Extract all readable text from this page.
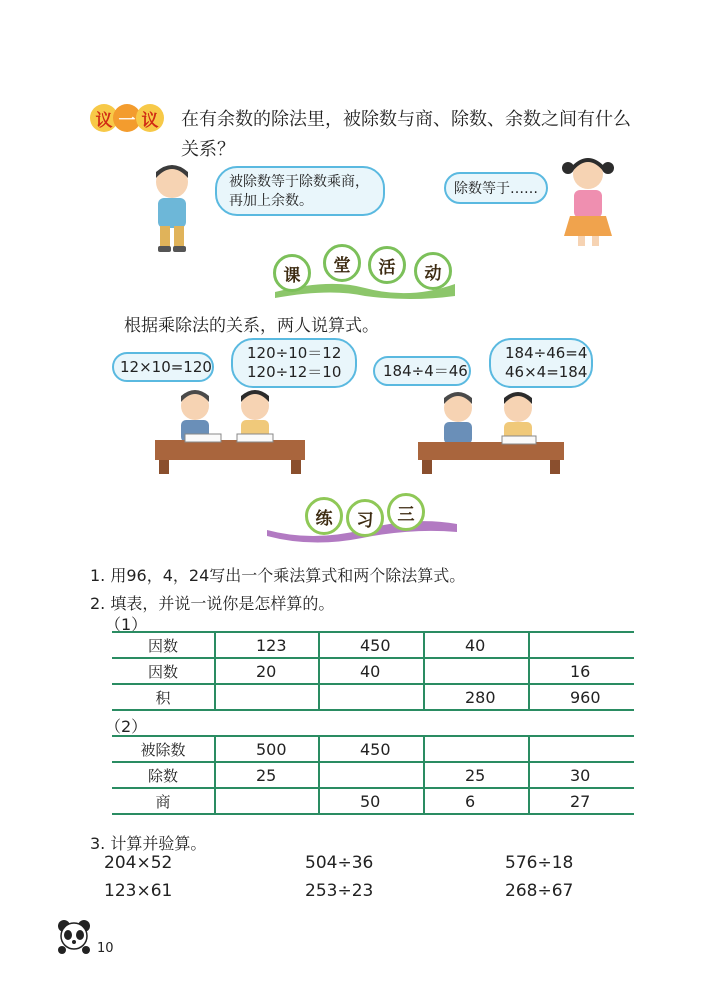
议 一 议	在有余数的除法里，被除数与商、除数、余数之间有什么
关系？
被除数等于除数乘商，
再加上余数。
除数等于……
课	堂	活	动
根据乘除法的关系，两人说算式。
12×10=120
120÷10＝12
120÷12＝10	184÷4＝46
184÷46=4
46×4=184
练	习	三
1. 用96，4，24写出一个乘法算式和两个除法算式。
2. 填表，并说一说你是怎样算的。
（1）
因数	123	450	40	
因数	20	40		16
积			280	960
（2）
被除数	500	450		
除数	25		25	30
商		50	6	27
3. 计算并验算。
204×52	504÷36	576÷18
123×61	253÷23	268÷67
10
